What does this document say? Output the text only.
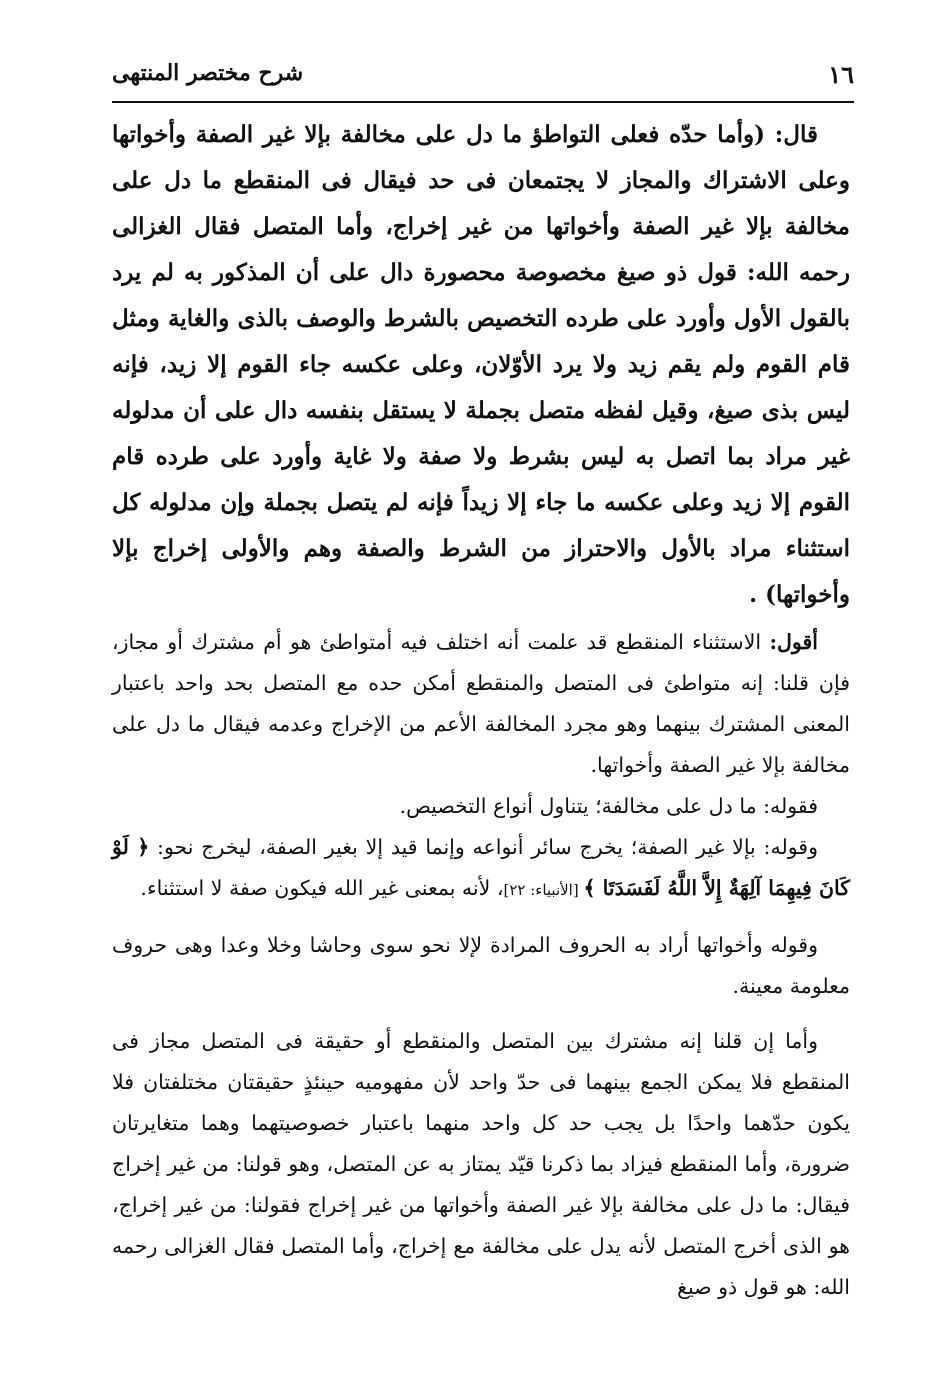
١٦
شرح مختصر المنتهى

قال: (وأما حدّه فعلى التواطؤ ما دل على مخالفة بإلا غير الصفة وأخواتها وعلى الاشتراك والمجاز لا يجتمعان فى حد فيقال فى المنقطع ما دل على مخالفة بإلا غير الصفة وأخواتها من غير إخراج، وأما المتصل فقال الغزالى رحمه الله: قول ذو صيغ مخصوصة محصورة دال على أن المذكور به لم يرد بالقول الأول وأورد على طرده التخصيص بالشرط والوصف بالذى والغاية ومثل قام القوم ولم يقم زيد ولا يرد الأوّلان، وعلى عكسه جاء القوم إلا زيد، فإنه ليس بذى صيغ، وقيل لفظه متصل بجملة لا يستقل بنفسه دال على أن مدلوله غير مراد بما اتصل به ليس بشرط ولا صفة ولا غاية وأورد على طرده قام القوم إلا زيد وعلى عكسه ما جاء إلا زيداً فإنه لم يتصل بجملة وإن مدلوله كل استثناء مراد بالأول والاحتراز من الشرط والصفة وهم والأولى إخراج بإلا وأخواتها) .

أقول: الاستثناء المنقطع قد علمت أنه اختلف فيه أمتواطئ هو أم مشترك أو مجاز، فإن قلنا: إنه متواطئ فى المتصل والمنقطع أمكن حده مع المتصل بحد واحد باعتبار المعنى المشترك بينهما وهو مجرد المخالفة الأعم من الإخراج وعدمه فيقال ما دل على مخالفة بإلا غير الصفة وأخواتها.

فقوله: ما دل على مخالفة؛ يتناول أنواع التخصيص.

وقوله: بإلا غير الصفة؛ يخرج سائر أنواعه وإنما قيد إلا بغير الصفة، ليخرج نحو: ﴿ لَوْ كَانَ فِيهِمَا آلِهَةٌ إِلاَّ اللَّهُ لَفَسَدَتَا ﴾ [الأنبياء: ٢٢]، لأنه بمعنى غير الله فيكون صفة لا استثناء.

وقوله وأخواتها أراد به الحروف المرادة لإلا نحو سوى وحاشا وخلا وعدا وهى حروف معلومة معينة.

وأما إن قلنا إنه مشترك بين المتصل والمنقطع أو حقيقة فى المتصل مجاز فى المنقطع فلا يمكن الجمع بينهما فى حدّ واحد لأن مفهوميه حينئذٍ حقيقتان مختلفتان فلا يكون حدّهما واحدًا بل يجب حد كل واحد منهما باعتبار خصوصيتهما وهما متغايرتان ضرورة، وأما المنقطع فيزاد بما ذكرنا قيّد يمتاز به عن المتصل، وهو قولنا: من غير إخراج فيقال: ما دل على مخالفة بإلا غير الصفة وأخواتها من غير إخراج فقولنا: من غير إخراج، هو الذى أخرج المتصل لأنه يدل على مخالفة مع إخراج، وأما المتصل فقال الغزالى رحمه الله: هو قول ذو صيغ
